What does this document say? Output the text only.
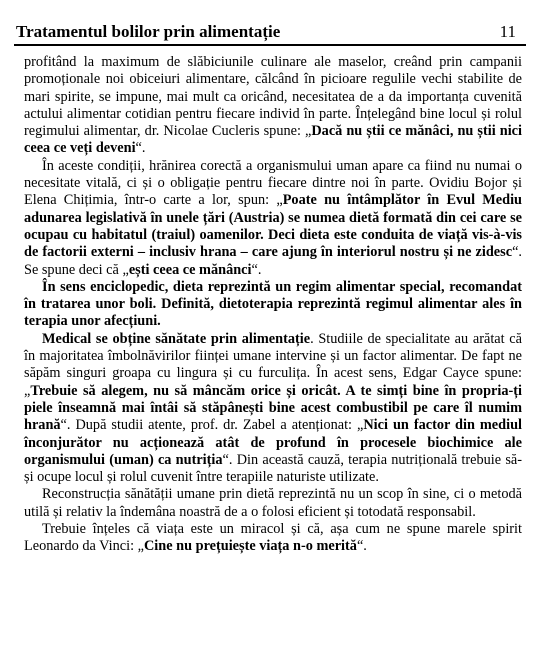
Tratamentul bolilor prin alimentație	11

profitând la maximum de slăbiciunile culinare ale maselor, creând prin campanii promoționale noi obiceiuri alimentare, călcând în picioare regulile vechi stabilite de mari spirite, se impune, mai mult ca oricând, necesitatea de a da importanța cuvenită actului alimentar cotidian pentru fiecare individ în parte. Înțelegând bine locul și rolul regimului alimentar, dr. Nicolae Cucleris spune: „Dacă nu știi ce mănâci, nu știi nici ceea ce veți deveni“.

În aceste condiții, hrănirea corectă a organismului uman apare ca fiind nu numai o necesitate vitală, ci și o obligație pentru fiecare dintre noi în parte. Ovidiu Bojor și Elena Chițimia, într-o carte a lor, spun: „Poate nu întâmplător în Evul Mediu adunarea legislativă în unele țări (Austria) se numea dietă formată din cei care se ocupau cu habitatul (traiul) oamenilor. Deci dieta este conduita de viață vis-à-vis de factorii externi – inclusiv hrana – care ajung în interiorul nostru și ne zidesc“. Se spune deci că „ești ceea ce mănânci“.

În sens enciclopedic, dieta reprezintă un regim alimentar special, recomandat în tratarea unor boli. Definită, dietoterapia reprezintă regimul alimentar ales în terapia unor afecțiuni.

Medical se obține sănătate prin alimentație. Studiile de specialitate au arătat că în majoritatea îmbolnăvirilor ființei umane intervine și un factor alimentar. De fapt ne săpăm singuri groapa cu lingura și cu furculița. În acest sens, Edgar Cayce spune: „Trebuie să alegem, nu să mâncăm orice și oricât. A te simți bine în propria-ți piele înseamnă mai întâi să stăpânești bine acest combustibil pe care îl numim hrană“. După studii atente, prof. dr. Zabel a atenționat: „Nici un factor din mediul înconjurător nu acționează atât de profund în procesele biochimice ale organismului (uman) ca nutriția“. Din această cauză, terapia nutrițională trebuie să-și ocupe locul și rolul cuvenit între terapiile naturiste utilizate.

Reconstrucția sănătății umane prin dietă reprezintă nu un scop în sine, ci o metodă utilă și relativ la îndemâna noastră de a o folosi eficient și totodată responsabil.

Trebuie înțeles că viața este un miracol și că, așa cum ne spune marele spirit Leonardo da Vinci: „Cine nu prețuiește viața n-o merită“.
